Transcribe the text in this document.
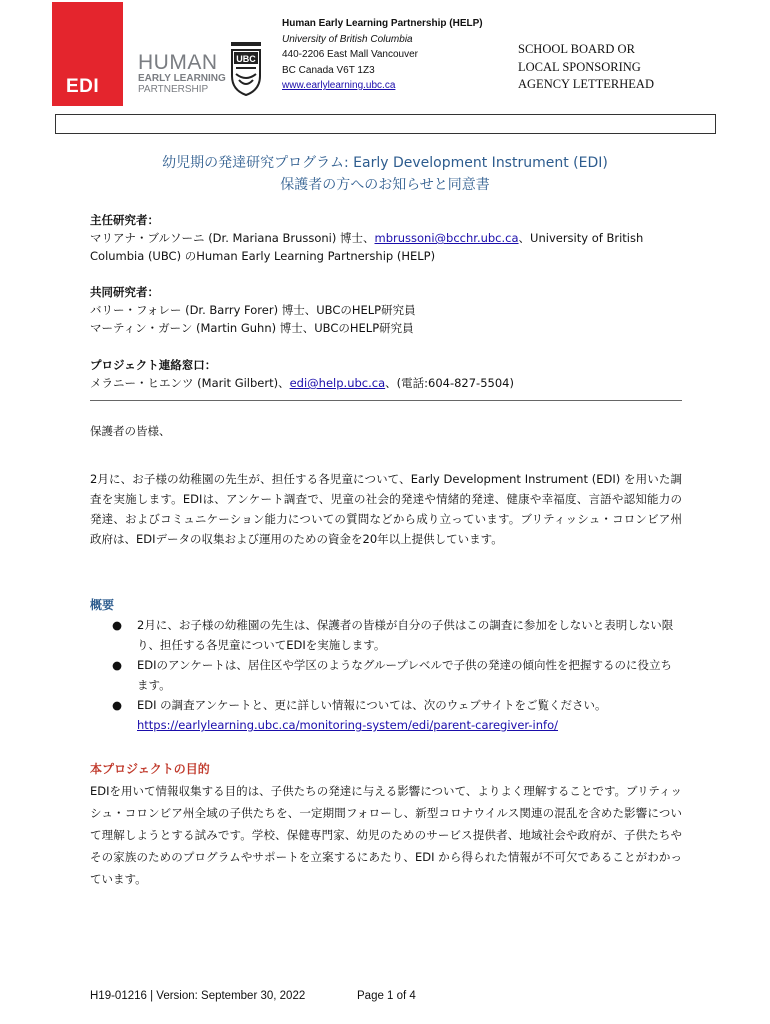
EDI
HUMAN
EARLY LEARNING
PARTNERSHIP
UBC
Human Early Learning Partnership (HELP)
University of British Columbia
440-2206 East Mall Vancouver
BC Canada V6T 1Z3
www.earlylearning.ubc.ca
SCHOOL BOARD OR
LOCAL SPONSORING
AGENCY LETTERHEAD
幼児期の発達研究プログラム: Early Development Instrument (EDI)
保護者の方へのお知らせと同意書
主任研究者：
マリアナ・ブルソーニ (Dr. Mariana Brussoni) 博士、mbrussoni@bcchr.ubc.ca、University of British
Columbia (UBC) のHuman Early Learning Partnership (HELP)
共同研究者：
バリー・フォレー (Dr. Barry Forer) 博士、UBCのHELP研究員
マーティン・ガーン (Martin Guhn) 博士、UBCのHELP研究員
プロジェクト連絡窓口：
メラニー・ヒエンツ (Marit Gilbert)、edi@help.ubc.ca、(電話:604-827-5504)
保護者の皆様、
2月に、お子様の幼稚園の先生が、担任する各児童について、Early Development Instrument (EDI) を用いた調査を実施します。EDIは、アンケート調査で、児童の社会的発達や情緒的発達、健康や幸福度、言語や認知能力の発達、およびコミュニケーション能力についての質問などから成り立っています。ブリティッシュ・コロンビア州政府は、EDIデータの収集および運用のための資金を20年以上提供しています。
概要
● 2月に、お子様の幼稚園の先生は、保護者の皆様が自分の子供はこの調査に参加をしないと表明しない限り、担任する各児童についてEDIを実施します。
● EDIのアンケートは、居住区や学区のようなグループレベルで子供の発達の傾向性を把握するのに役立ちます。
● EDI の調査アンケートと、更に詳しい情報については、次のウェブサイトをご覧ください。https://earlylearning.ubc.ca/monitoring-system/edi/parent-caregiver-info/
本プロジェクトの目的
EDIを用いて情報収集する目的は、子供たちの発達に与える影響について、よりよく理解することです。ブリティッシュ・コロンビア州全域の子供たちを、一定期間フォローし、新型コロナウイルス関連の混乱を含めた影響について理解しようとする試みです。学校、保健専門家、幼児のためのサービス提供者、地域社会や政府が、子供たちやその家族のためのプログラムやサポートを立案するにあたり、EDI から得られた情報が不可欠であることがわかっています。
H19-01216 | Version: September 30, 2022	Page 1 of 4
